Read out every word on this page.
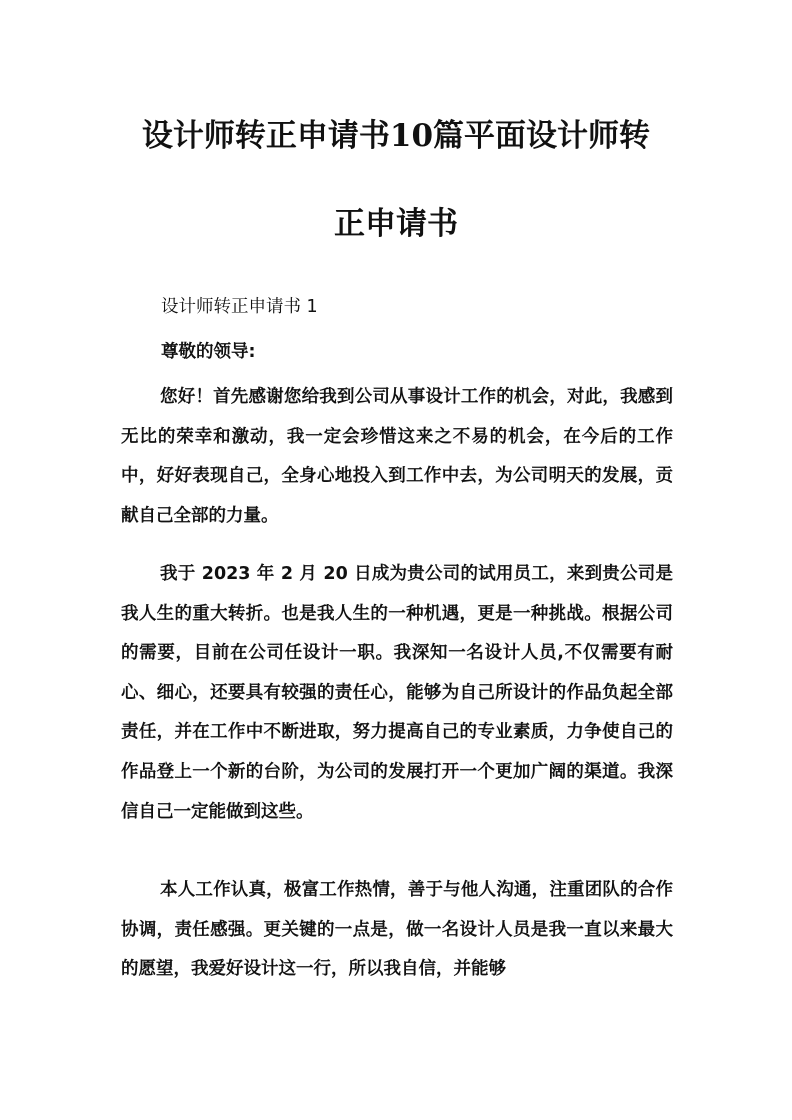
设计师转正申请书10篇平面设计师转
正申请书

设计师转正申请书 1

尊敬的领导:

您好！首先感谢您给我到公司从事设计工作的机会，对此，我感到无比的荣幸和激动，我一定会珍惜这来之不易的机会，在今后的工作中，好好表现自己，全身心地投入到工作中去，为公司明天的发展，贡献自己全部的力量。

我于 2023 年 2 月 20 日成为贵公司的试用员工，来到贵公司是我人生的重大转折。也是我人生的一种机遇，更是一种挑战。根据公司的需要，目前在公司任设计一职。我深知一名设计人员,不仅需要有耐心、细心，还要具有较强的责任心，能够为自己所设计的作品负起全部责任，并在工作中不断进取，努力提高自己的专业素质，力争使自己的作品登上一个新的台阶，为公司的发展打开一个更加广阔的渠道。我深信自己一定能做到这些。

本人工作认真，极富工作热情，善于与他人沟通，注重团队的合作协调，责任感强。更关键的一点是，做一名设计人员是我一直以来最大的愿望，我爱好设计这一行，所以我自信，并能够
